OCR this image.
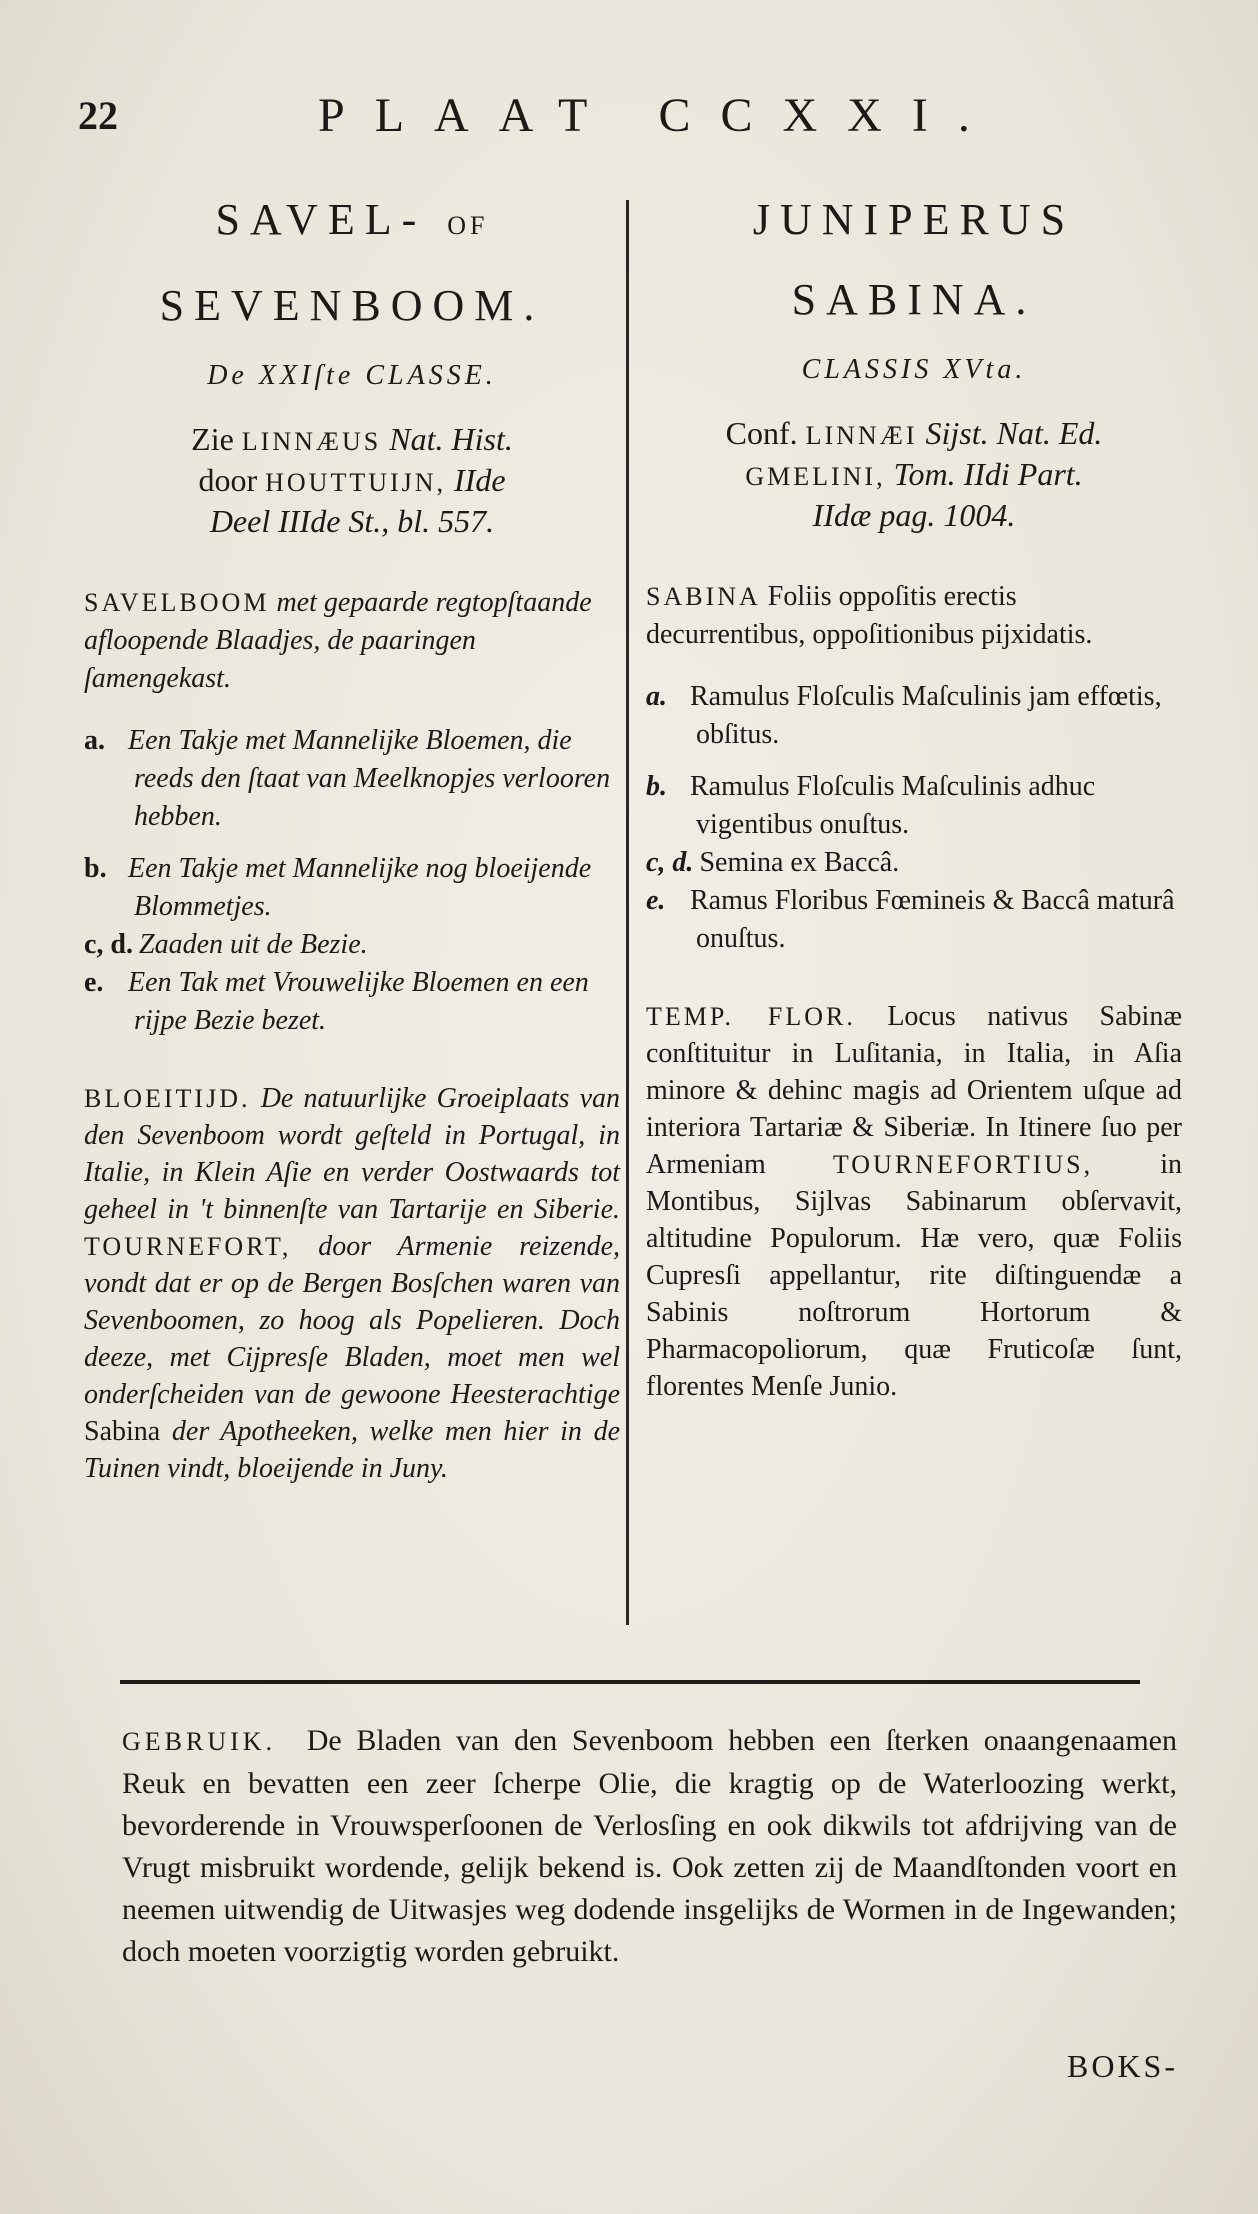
22	PLAAT CCXXI.
SAVEL- OF
SEVENBOOM.
De XXIſte CLASSE.
Zie LINNÆUS Nat. Hist.
door HOUTTUIJN, IIde
Deel IIIde St., bl. 557.
SAVELBOOM met gepaarde regtopſtaande afloopende Blaadjes, de paaringen ſamengekast.
a. Een Takje met Mannelijke Bloemen, die reeds den ſtaat van Meelknopjes verlooren hebben.
b. Een Takje met Mannelijke nog bloeijende Blommetjes.
c, d. Zaaden uit de Bezie.
e. Een Tak met Vrouwelijke Bloemen en een rijpe Bezie bezet.
BLOEITIJD. De natuurlijke Groeiplaats van den Sevenboom wordt geſteld in Portugal, in Italie, in Klein Aſie en verder Oostwaards tot geheel in 't binnenſte van Tartarije en Siberie. TOURNEFORT, door Armenie reizende, vondt dat er op de Bergen Bosſchen waren van Sevenboomen, zo hoog als Popelieren. Doch deeze, met Cijpresſe Bladen, moet men wel onderſcheiden van de gewoone Heesterachtige Sabina der Apotheeken, welke men hier in de Tuinen vindt, bloeijende in Juny.
JUNIPERUS
SABINA.
CLASSIS XVta.
Conf. LINNÆI Sijst. Nat. Ed.
GMELINI, Tom. IIdi Part.
IIdæ pag. 1004.
SABINA Foliis oppoſitis erectis decurrentibus, oppoſitionibus pijxidatis.
a. Ramulus Floſculis Maſculinis jam effœtis, obſitus.
b. Ramulus Floſculis Maſculinis adhuc vigentibus onuſtus.
c, d. Semina ex Baccâ.
e. Ramus Floribus Fœmineis & Baccâ maturâ onuſtus.
TEMP. FLOR. Locus nativus Sabinæ conſtituitur in Luſitania, in Italia, in Aſia minore & dehinc magis ad Orientem uſque ad interiora Tartariæ & Siberiæ. In Itinere ſuo per Armeniam	TOURNEFORTIUS, in Montibus, Sijlvas Sabinarum obſervavit, altitudine Populorum. Hæ vero, quæ Foliis Cupresſi appellantur, rite diſtinguendæ a Sabinis noſtrorum Hortorum & Pharmacopoliorum, quæ Fruticoſæ ſunt, florentes Menſe Junio.
GEBRUIK. De Bladen van den Sevenboom hebben een ſterken onaangenaamen Reuk en bevatten een zeer ſcherpe Olie, die kragtig op de Waterloozing werkt, bevorderende in Vrouwsperſoonen de Verlosſing en ook dikwils tot afdrijving van de Vrugt misbruikt wordende, gelijk bekend is. Ook zetten zij de Maandſtonden voort en neemen uitwendig de Uitwasjes weg dodende insgelijks de Wormen in de Ingewanden; doch moeten voorzigtig worden gebruikt.
BOKS-
